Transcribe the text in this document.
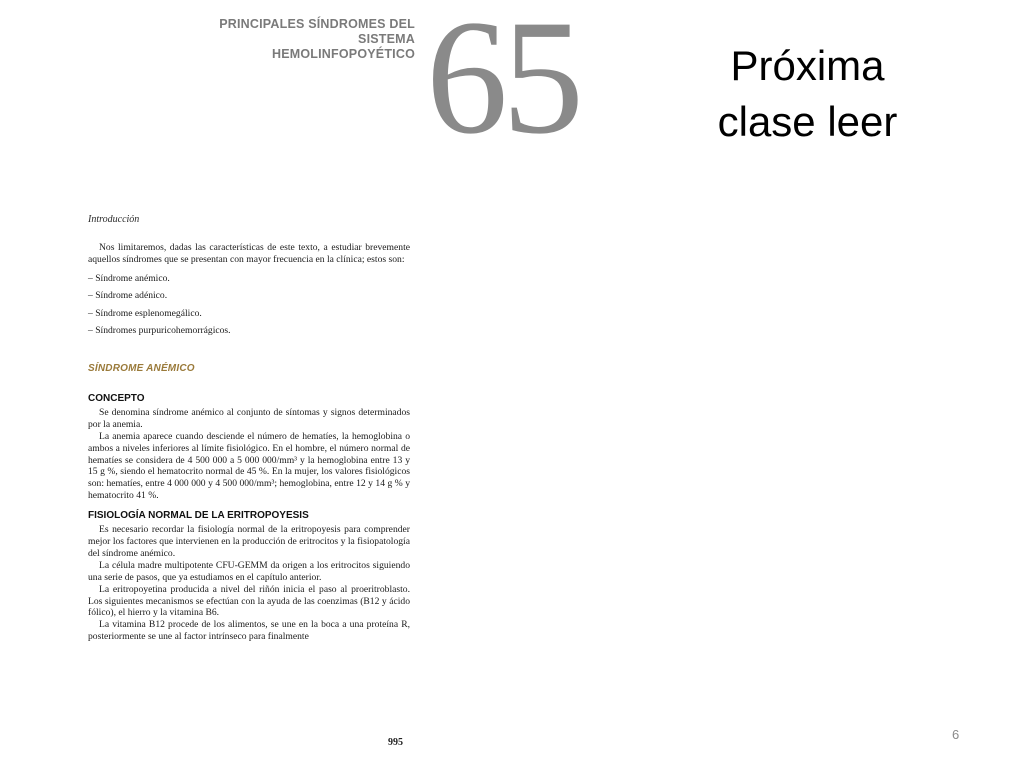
PRINCIPALES SÍNDROMES DEL SISTEMA
HEMOLINFOPOYÉTICO 65	Próxima
clase leer
Introducción

Nos limitaremos, dadas las características de este texto, a estudiar brevemente aquellos síndromes que se presentan con mayor frecuencia en la clínica; estos son:

– Síndrome anémico.
– Síndrome adénico.
– Síndrome esplenomegálico.
– Síndromes purpuricohemorrágicos.
SÍNDROME ANÉMICO
CONCEPTO

Se denomina síndrome anémico al conjunto de síntomas y signos determinados por la anemia.

La anemia aparece cuando desciende el número de hematíes, la hemoglobina o ambos a niveles inferiores al límite fisiológico. En el hombre, el número normal de hematíes se considera de 4 500 000 a 5 000 000/mm³ y la hemoglobina entre 13 y 15 g %, siendo el hematocrito normal de 45 %. En la mujer, los valores fisiológicos son: hematíes, entre 4 000 000 y 4 500 000/mm³; hemoglobina, entre 12 y 14 g % y hematocrito 41 %.

FISIOLOGÍA NORMAL DE LA ERITROPOYESIS

Es necesario recordar la fisiología normal de la eritropoyesis para comprender mejor los factores que intervienen en la producción de eritrocitos y la fisiopatología del síndrome anémico.

La célula madre multipotente CFU-GEMM da origen a los eritrocitos siguiendo una serie de pasos, que ya estudiamos en el capítulo anterior.

La eritropoyetina producida a nivel del riñón inicia el paso al proeritroblasto. Los siguientes mecanismos se efectúan con la ayuda de las coenzimas (B12 y ácido fólico), el hierro y la vitamina B6.

La vitamina B12 procede de los alimentos, se une en la boca a una proteína R, posteriormente se une al factor intrínseco para finalmente

995
6
